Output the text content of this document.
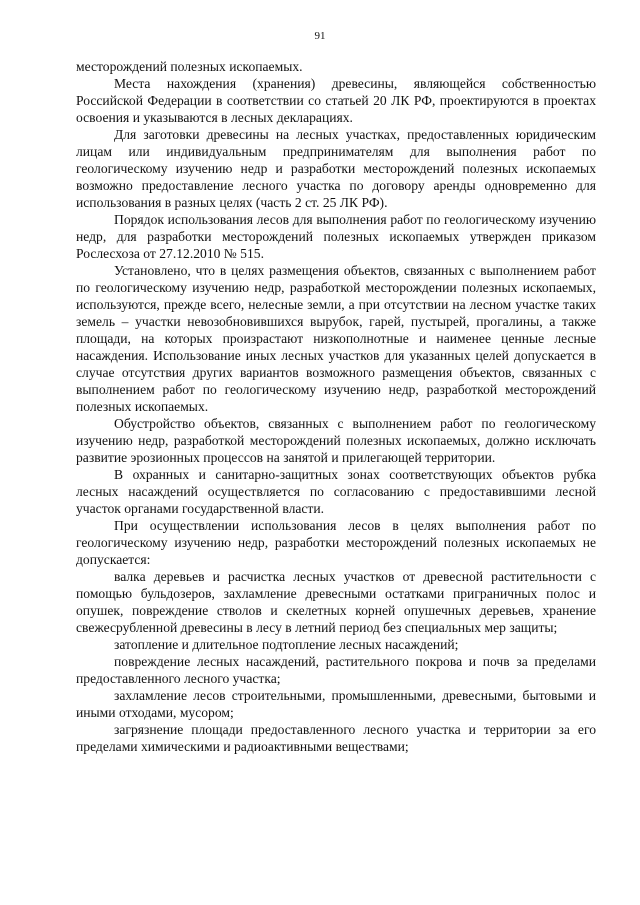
91

месторождений полезных ископаемых.

Места нахождения (хранения) древесины, являющейся собственностью Российской Федерации в соответствии со статьей 20 ЛК РФ, проектируются в проектах освоения и указываются в лесных декларациях.

Для заготовки древесины на лесных участках, предоставленных юридическим лицам или индивидуальным предпринимателям для выполнения работ по геологическому изучению недр и разработки месторождений полезных ископаемых возможно предоставление лесного участка по договору аренды одновременно для использования в разных целях (часть 2 ст. 25 ЛК РФ).

Порядок использования лесов для выполнения работ по геологическому изучению недр, для разработки месторождений полезных ископаемых утвержден приказом Рослесхоза от 27.12.2010 № 515.

Установлено, что в целях размещения объектов, связанных с выполнением работ по геологическому изучению недр, разработкой месторождении полезных ископаемых, используются, прежде всего, нелесные земли, а при отсутствии на лесном участке таких земель – участки невозобновившихся вырубок, гарей, пустырей, прогалины, а также площади, на которых произрастают низкополнотные и наименее ценные лесные насаждения. Использование иных лесных участков для указанных целей допускается в случае отсутствия других вариантов возможного размещения объектов, связанных с выполнением работ по геологическому изучению недр, разработкой месторождений полезных ископаемых.

Обустройство объектов, связанных с выполнением работ по геологическому изучению недр, разработкой месторождений полезных ископаемых, должно исключать развитие эрозионных процессов на занятой и прилегающей территории.

В охранных и санитарно-защитных зонах соответствующих объектов рубка лесных насаждений осуществляется по согласованию с предоставившими лесной участок органами государственной власти.

При осуществлении использования лесов в целях выполнения работ по геологическому изучению недр, разработки месторождений полезных ископаемых не допускается:

валка деревьев и расчистка лесных участков от древесной растительности с помощью бульдозеров, захламление древесными остатками приграничных полос и опушек, повреждение стволов и скелетных корней опушечных деревьев, хранение свежесрубленной древесины в лесу в летний период без специальных мер защиты;

затопление и длительное подтопление лесных насаждений;

повреждение лесных насаждений, растительного покрова и почв за пределами предоставленного лесного участка;

захламление лесов строительными, промышленными, древесными, бытовыми и иными отходами, мусором;

загрязнение площади предоставленного лесного участка и территории за его пределами химическими и радиоактивными веществами;
